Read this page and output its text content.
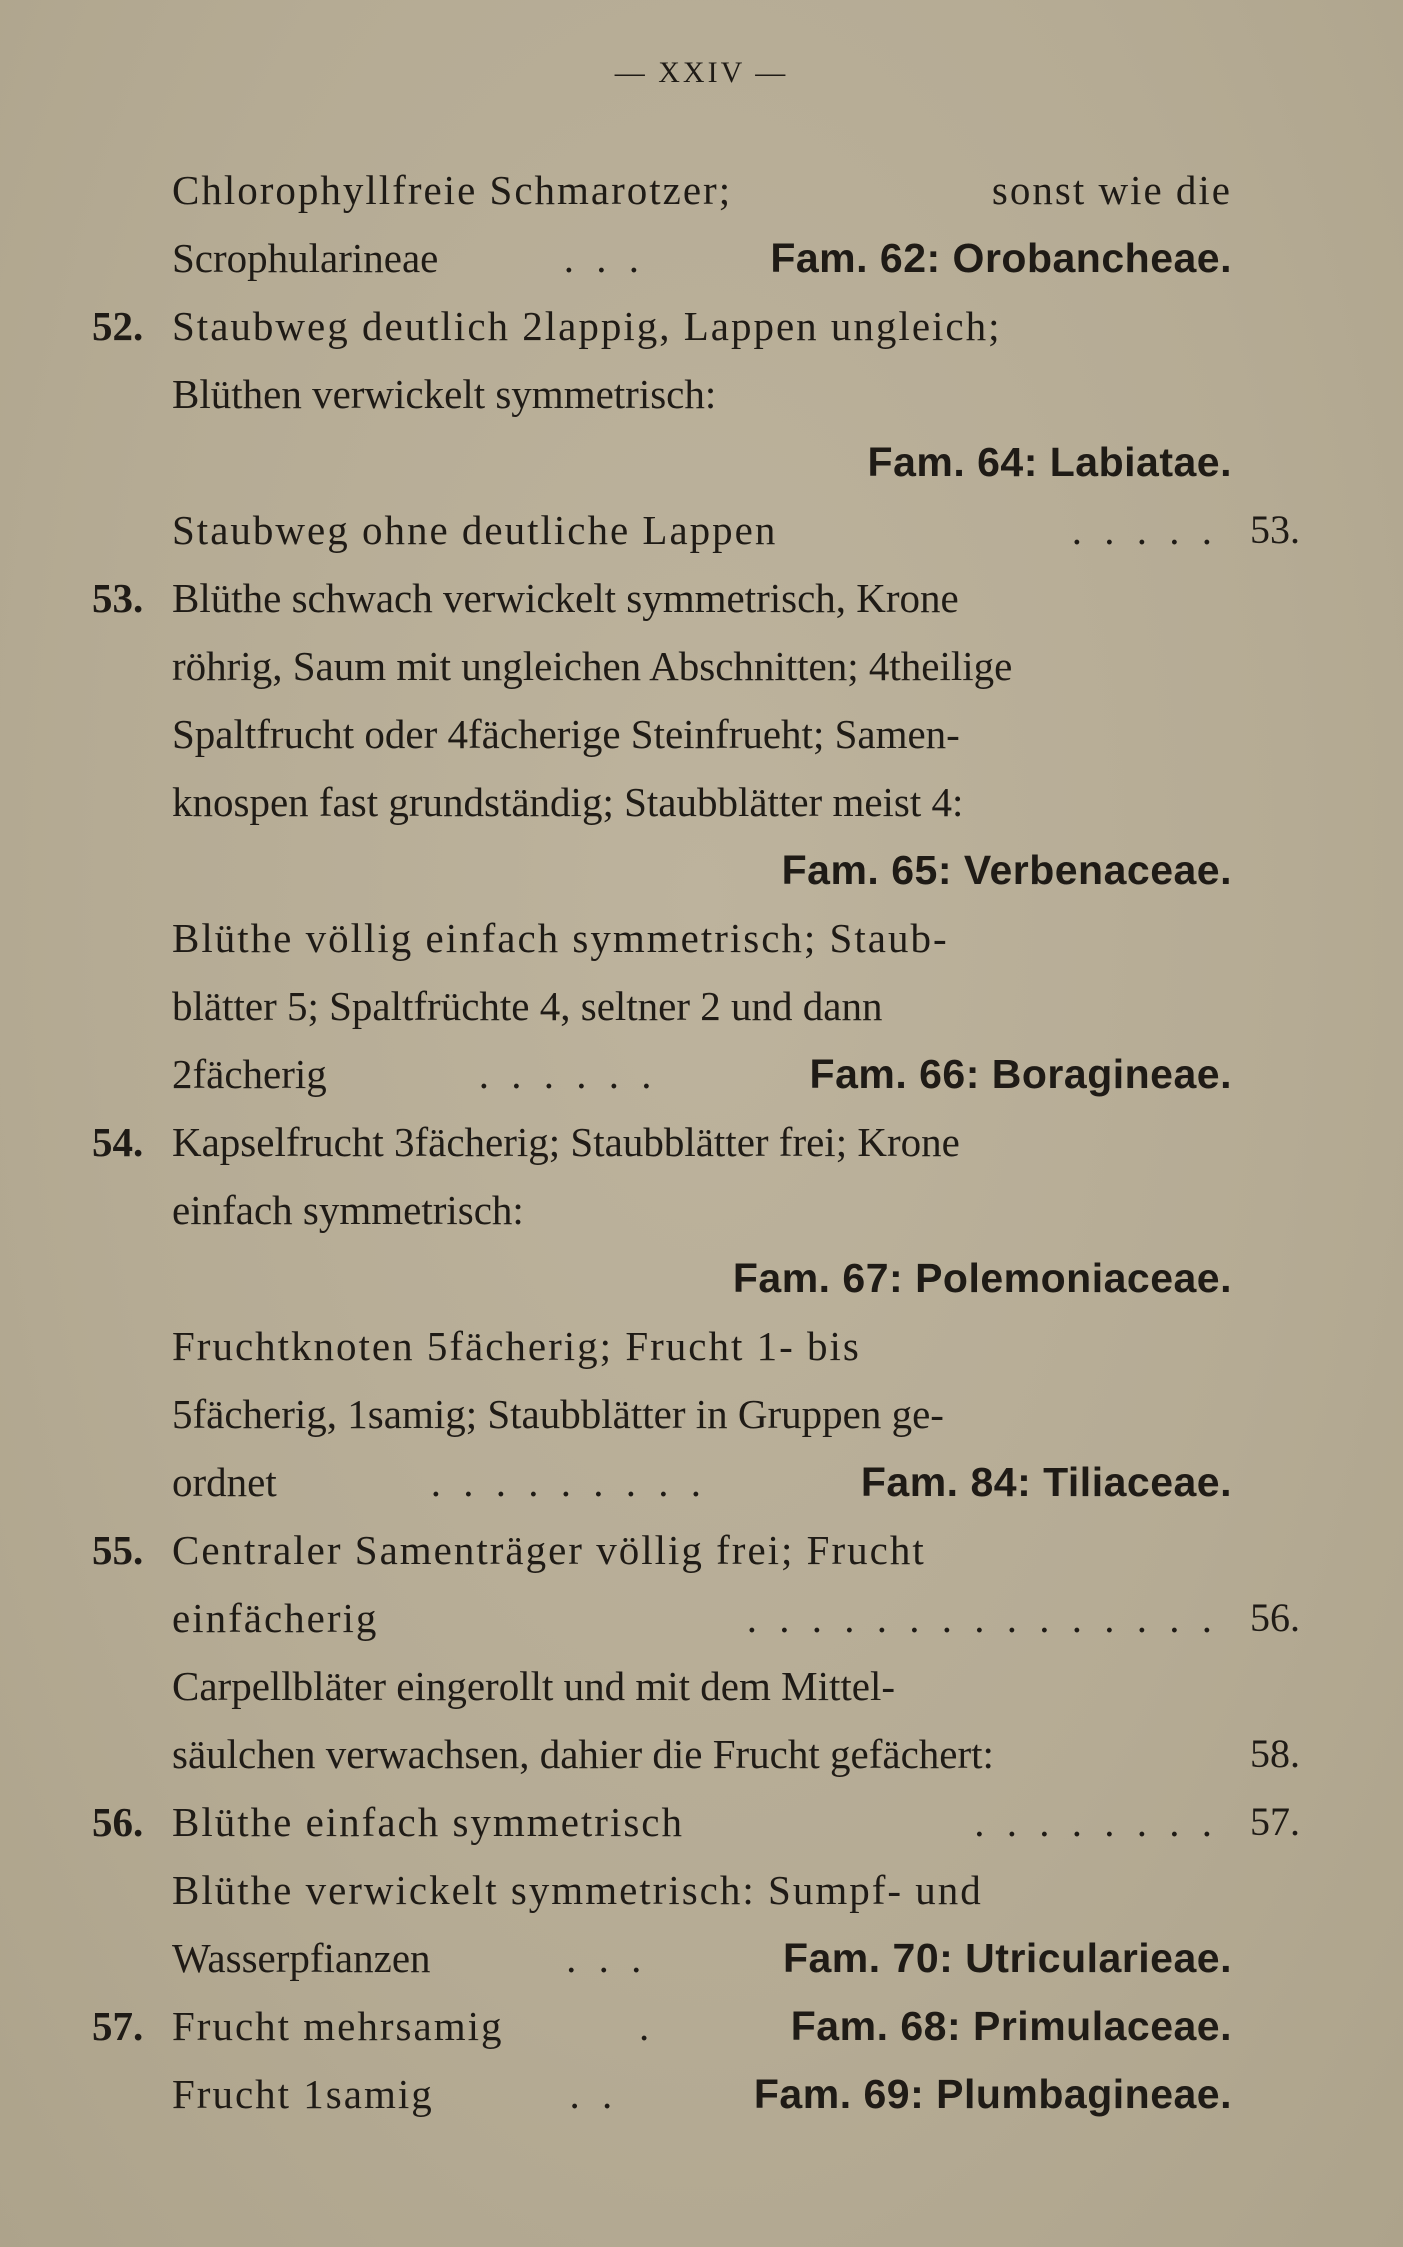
— XXIV —
Chlorophyllfreie Schmarotzer;	sonst wie die
Scrophularineae	. . .	Fam. 62: Orobancheae.
52. Staubweg deutlich 2lappig, Lappen ungleich;
Blüthen verwickelt symmetrisch:
Fam. 64: Labiatae.
Staubweg ohne deutliche Lappen	. . . . . 53.
53. Blüthe schwach verwickelt symmetrisch, Krone
röhrig, Saum mit ungleichen Abschnitten; 4theilige
Spaltfrucht oder 4fächerige Steinfrueht; Samen-
knospen fast grundständig; Staubblätter meist 4:
Fam. 65: Verbenaceae.
Blüthe völlig einfach symmetrisch; Staub-
blätter 5; Spaltfrüchte 4, seltner 2 und dann
2fächerig	. . . . . .	Fam. 66: Boragineae.
54. Kapselfrucht 3fächerig; Staubblätter frei; Krone
einfach symmetrisch:
Fam. 67: Polemoniaceae.
Fruchtknoten 5fächerig; Frucht 1- bis
5fächerig, 1samig; Staubblätter in Gruppen ge-
ordnet	. . . . . . . . .	Fam. 84: Tiliaceae.
55. Centraler Samenträger völlig frei; Frucht
einfächerig	. . . . . . . . . . . . . . . 56.
Carpellbläter eingerollt und mit dem Mittel-
säulchen verwachsen, dahier die Frucht gefächert:	58.
56. Blüthe einfach symmetrisch	. . . . . . . . 57.
Blüthe verwickelt symmetrisch: Sumpf- und
Wasserpfianzen	. . .	Fam. 70: Utricularieae.
57. Frucht mehrsamig	.	Fam. 68: Primulaceae.
Frucht 1samig	. .	Fam. 69: Plumbagineae.
